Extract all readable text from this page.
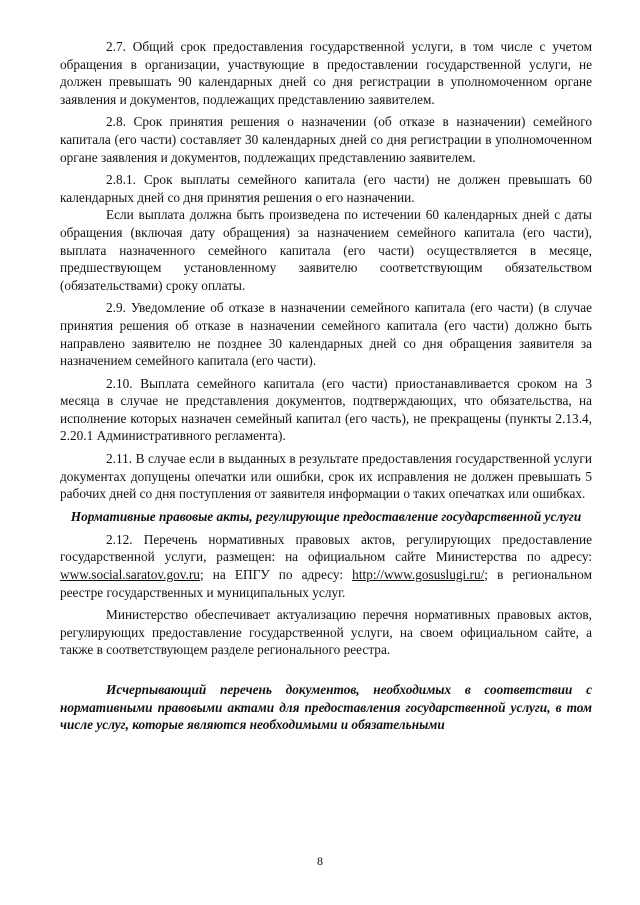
2.7. Общий срок предоставления государственной услуги, в том числе с учетом обращения в организации, участвующие в предоставлении государственной услуги, не должен превышать 90 календарных дней со дня регистрации в уполномоченном органе заявления и документов, подлежащих представлению заявителем.

2.8. Срок принятия решения о назначении (об отказе в назначении) семейного капитала (его части) составляет 30 календарных дней со дня регистрации в уполномоченном органе заявления и документов, подлежащих представлению заявителем.

2.8.1. Срок выплаты семейного капитала (его части) не должен превышать 60 календарных дней со дня принятия решения о его назначении.

Если выплата должна быть произведена по истечении 60 календарных дней с даты обращения (включая дату обращения) за назначением семейного капитала (его части), выплата назначенного семейного капитала (его части) осуществляется в месяце, предшествующем установленному заявителю соответствующим обязательством (обязательствами) сроку оплаты.

2.9. Уведомление об отказе в назначении семейного капитала (его части) (в случае принятия решения об отказе в назначении семейного капитала (его части) должно быть направлено заявителю не позднее 30 календарных дней со дня обращения заявителя за назначением семейного капитала (его части).

2.10. Выплата семейного капитала (его части) приостанавливается сроком на 3 месяца в случае не представления документов, подтверждающих, что обязательства, на исполнение которых назначен семейный капитал (его часть), не прекращены (пункты 2.13.4, 2.20.1 Административного регламента).

2.11. В случае если в выданных в результате предоставления государственной услуги документах допущены опечатки или ошибки, срок их исправления не должен превышать 5 рабочих дней со дня поступления от заявителя информации о таких опечатках или ошибках.

Нормативные правовые акты, регулирующие предоставление государственной услуги

2.12. Перечень нормативных правовых актов, регулирующих предоставление государственной услуги, размещен: на официальном сайте Министерства по адресу: www.social.saratov.gov.ru; на ЕПГУ по адресу: http://www.gosuslugi.ru/; в региональном реестре государственных и муниципальных услуг.

Министерство обеспечивает актуализацию перечня нормативных правовых актов, регулирующих предоставление государственной услуги, на своем официальном сайте, а также в соответствующем разделе регионального реестра.

Исчерпывающий перечень документов, необходимых в соответствии с нормативными правовыми актами для предоставления государственной услуги, в том числе услуг, которые являются необходимыми и обязательными

8
